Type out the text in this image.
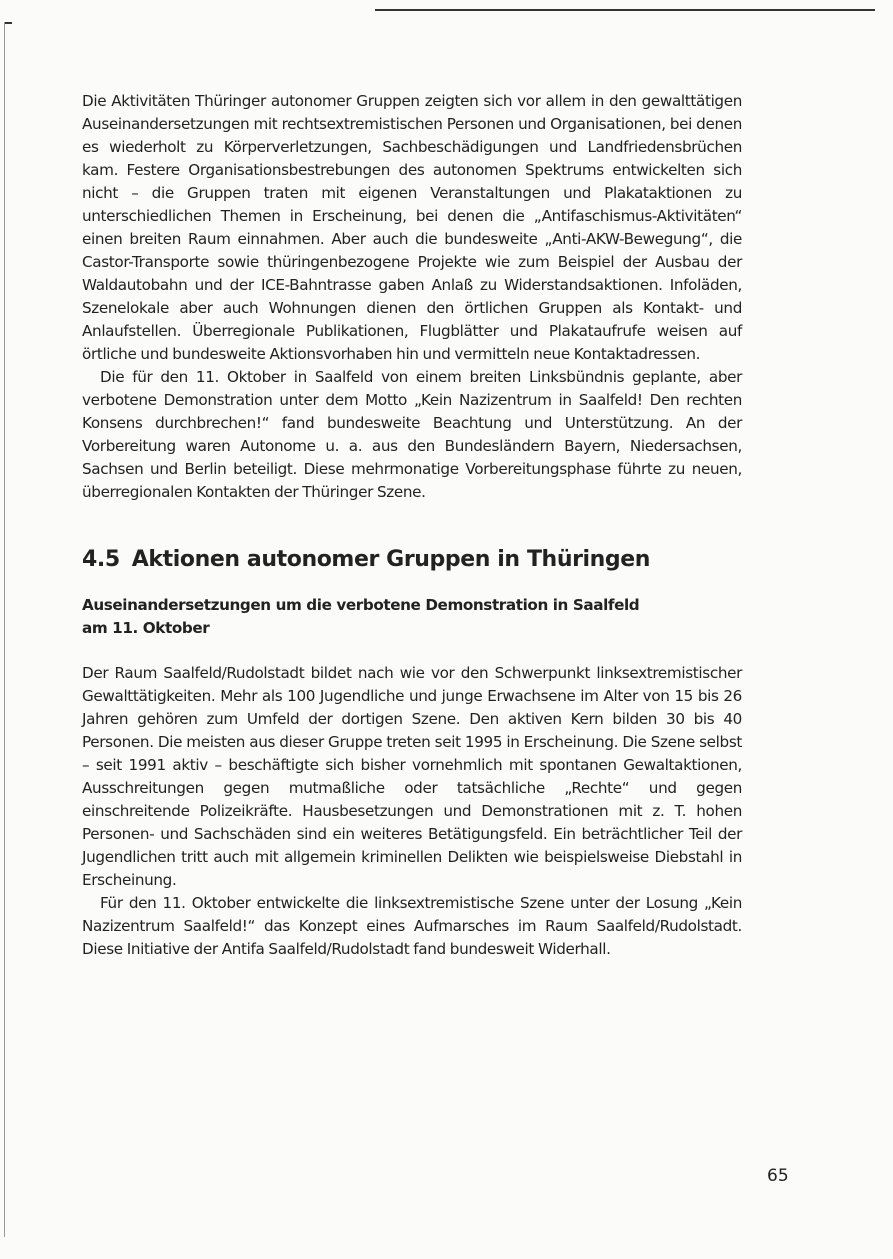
Die Aktivitäten Thüringer autonomer Gruppen zeigten sich vor allem in den gewalttätigen Auseinandersetzungen mit rechtsextremistischen Personen und Organisationen, bei denen es wiederholt zu Körperverletzungen, Sachbeschädigungen und Landfriedensbrüchen kam. Festere Organisationsbestrebungen des autonomen Spektrums entwickelten sich nicht – die Gruppen traten mit eigenen Veranstaltungen und Plakataktionen zu unterschiedlichen Themen in Erscheinung, bei denen die „Antifaschismus-Aktivitäten“ einen breiten Raum einnahmen. Aber auch die bundesweite „Anti-AKW-Bewegung“, die Castor-Transporte sowie thüringenbezogene Projekte wie zum Beispiel der Ausbau der Waldautobahn und der ICE-Bahntrasse gaben Anlaß zu Widerstandsaktionen. Infoläden, Szenelokale aber auch Wohnungen dienen den örtlichen Gruppen als Kontakt- und Anlaufstellen. Überregionale Publikationen, Flugblätter und Plakataufrufe weisen auf örtliche und bundesweite Aktionsvorhaben hin und vermitteln neue Kontaktadressen.

Die für den 11. Oktober in Saalfeld von einem breiten Linksbündnis geplante, aber verbotene Demonstration unter dem Motto „Kein Nazizentrum in Saalfeld! Den rechten Konsens durchbrechen!“ fand bundesweite Beachtung und Unterstützung. An der Vorbereitung waren Autonome u. a. aus den Bundesländern Bayern, Niedersachsen, Sachsen und Berlin beteiligt. Diese mehrmonatige Vorbereitungsphase führte zu neuen, überregionalen Kontakten der Thüringer Szene.

4.5 Aktionen autonomer Gruppen in Thüringen
Auseinandersetzungen um die verbotene Demonstration in Saalfeld
am 11. Oktober

Der Raum Saalfeld/Rudolstadt bildet nach wie vor den Schwerpunkt linksextremistischer Gewalttätigkeiten. Mehr als 100 Jugendliche und junge Erwachsene im Alter von 15 bis 26 Jahren gehören zum Umfeld der dortigen Szene. Den aktiven Kern bilden 30 bis 40 Personen. Die meisten aus dieser Gruppe treten seit 1995 in Erscheinung. Die Szene selbst – seit 1991 aktiv – beschäftigte sich bisher vornehmlich mit spontanen Gewaltaktionen, Ausschreitungen gegen mutmaßliche oder tatsächliche „Rechte“ und gegen einschreitende Polizeikräfte. Hausbesetzungen und Demonstrationen mit z. T. hohen Personen- und Sachschäden sind ein weiteres Betätigungsfeld. Ein beträchtlicher Teil der Jugendlichen tritt auch mit allgemein kriminellen Delikten wie beispielsweise Diebstahl in Erscheinung.

Für den 11. Oktober entwickelte die linksextremistische Szene unter der Losung „Kein Nazizentrum Saalfeld!“ das Konzept eines Aufmarsches im Raum Saalfeld/Rudolstadt. Diese Initiative der Antifa Saalfeld/Rudolstadt fand bundesweit Widerhall.

65
